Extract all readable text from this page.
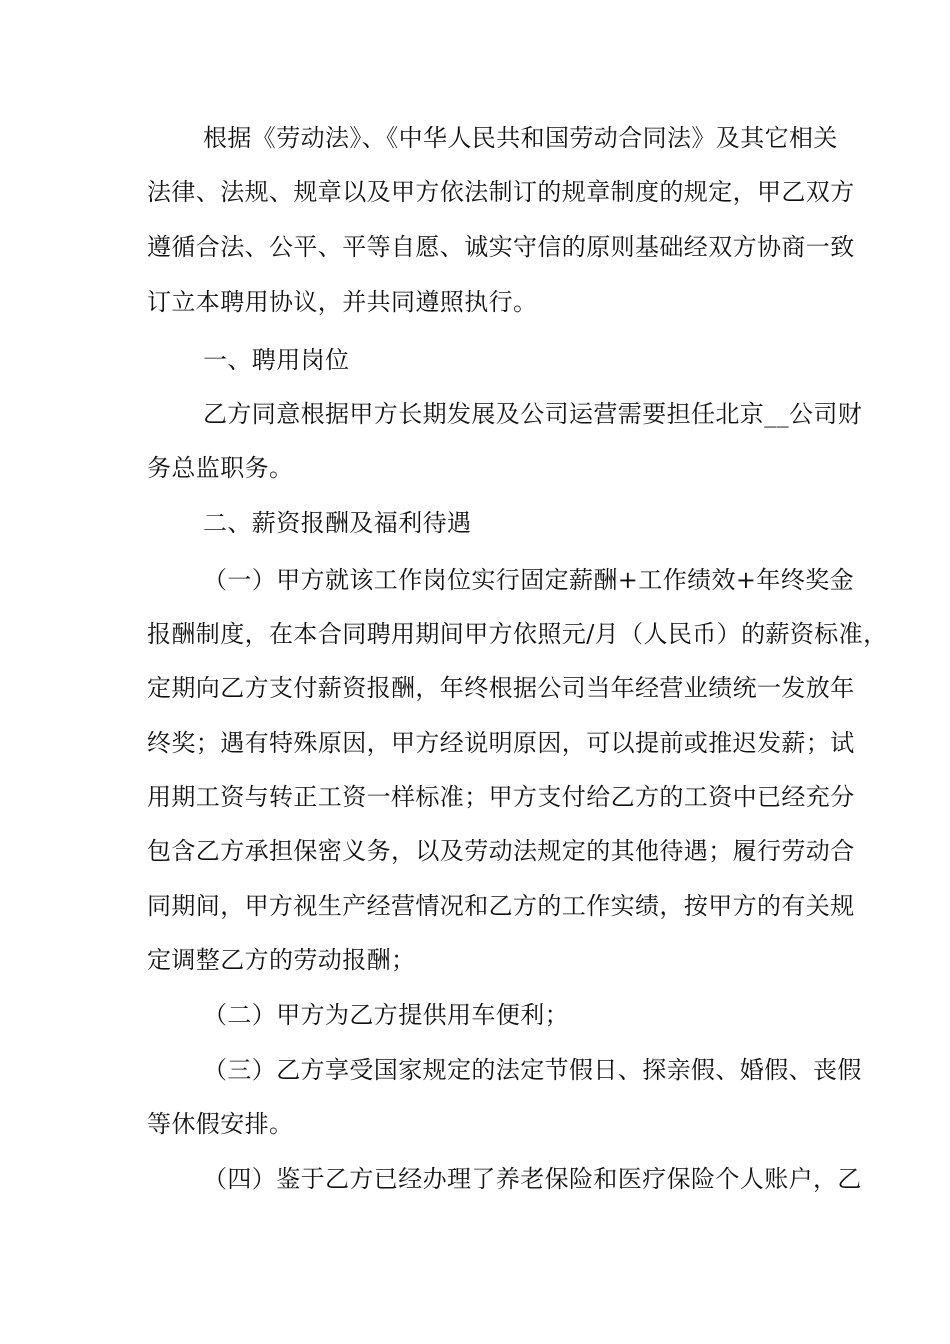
根据《劳动法》、《中华人民共和国劳动合同法》及其它相关
法律、法规、规章以及甲方依法制订的规章制度的规定，甲乙双方
遵循合法、公平、平等自愿、诚实守信的原则基础经双方协商一致
订立本聘用协议，并共同遵照执行。
一、聘用岗位
乙方同意根据甲方长期发展及公司运营需要担任北京__公司财
务总监职务。
二、薪资报酬及福利待遇
（一）甲方就该工作岗位实行固定薪酬+工作绩效+年终奖金
报酬制度，在本合同聘用期间甲方依照元/月（人民币）的薪资标准，
定期向乙方支付薪资报酬，年终根据公司当年经营业绩统一发放年
终奖；遇有特殊原因，甲方经说明原因，可以提前或推迟发薪；试
用期工资与转正工资一样标准；甲方支付给乙方的工资中已经充分
包含乙方承担保密义务，以及劳动法规定的其他待遇；履行劳动合
同期间，甲方视生产经营情况和乙方的工作实绩，按甲方的有关规
定调整乙方的劳动报酬；
（二）甲方为乙方提供用车便利；
（三）乙方享受国家规定的法定节假日、探亲假、婚假、丧假
等休假安排。
（四）鉴于乙方已经办理了养老保险和医疗保险个人账户，乙
